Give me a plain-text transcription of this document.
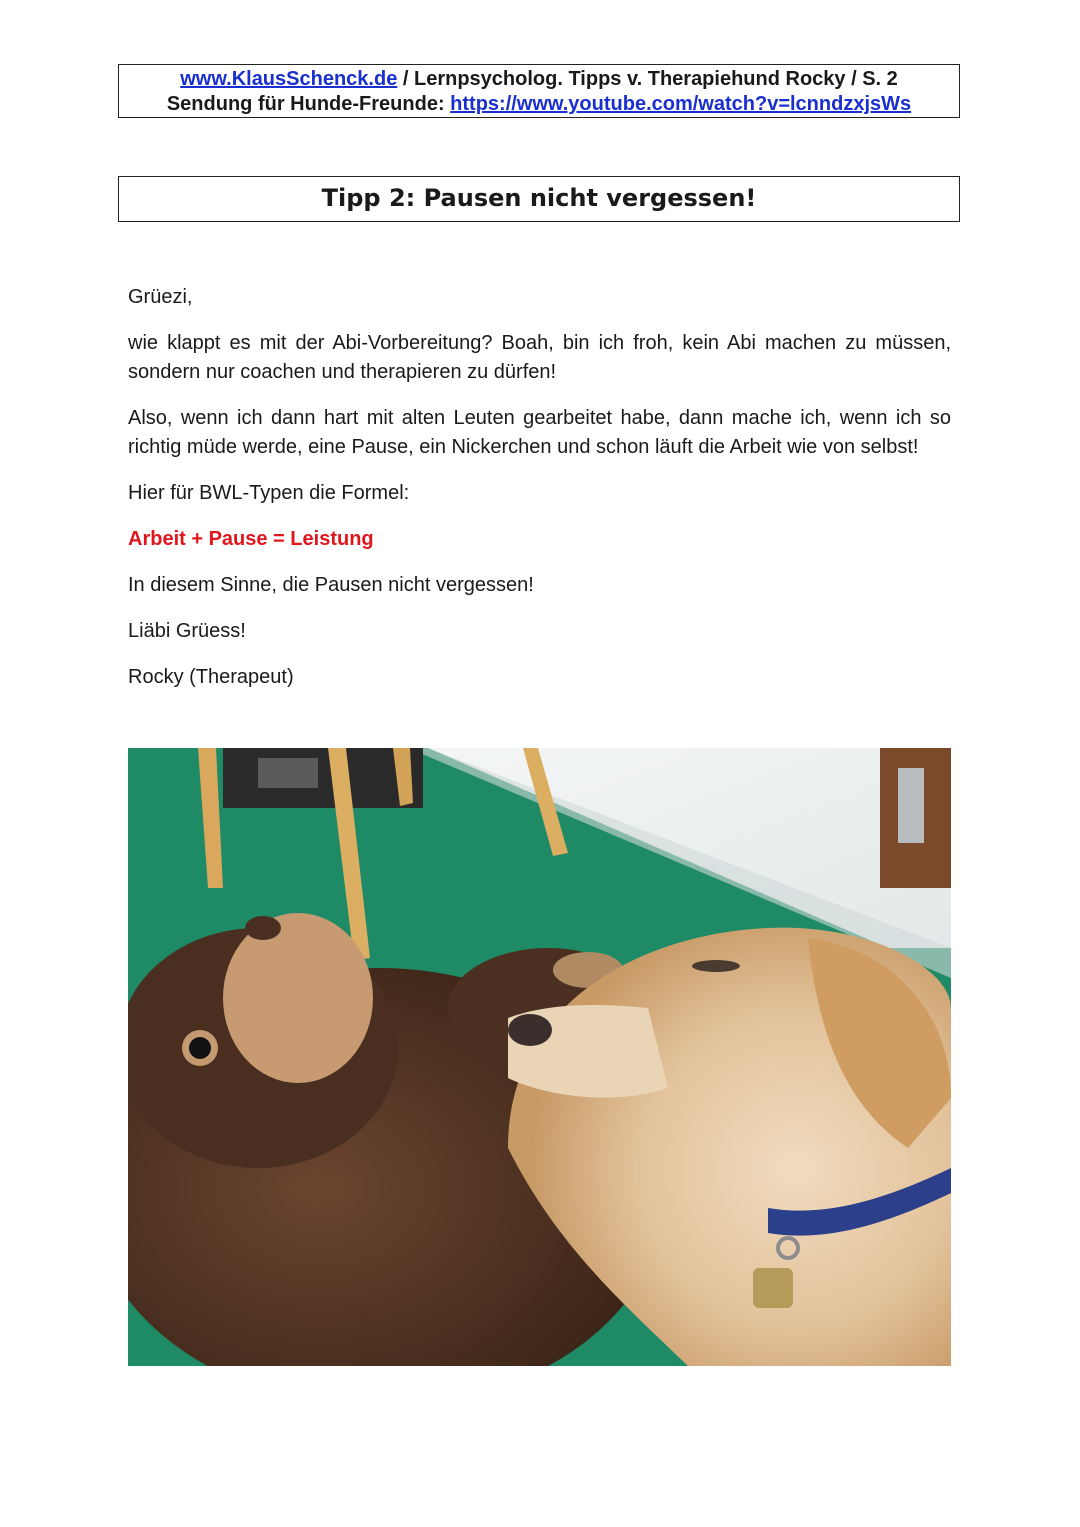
www.KlausSchenck.de / Lernpsycholog. Tipps v. Therapiehund Rocky / S. 2
Sendung für Hunde-Freunde: https://www.youtube.com/watch?v=lcnndzxjsWs
Tipp 2: Pausen nicht vergessen!

Grüezi,

wie klappt es mit der Abi-Vorbereitung? Boah, bin ich froh, kein Abi machen zu müssen, sondern nur coachen und therapieren zu dürfen!

Also, wenn ich dann hart mit alten Leuten gearbeitet habe, dann mache ich, wenn ich so richtig müde werde, eine Pause, ein Nickerchen und schon läuft die Arbeit wie von selbst!

Hier für BWL-Typen die Formel:

Arbeit + Pause = Leistung

In diesem Sinne, die Pausen nicht vergessen!

Liäbi Grüess!

Rocky (Therapeut)
